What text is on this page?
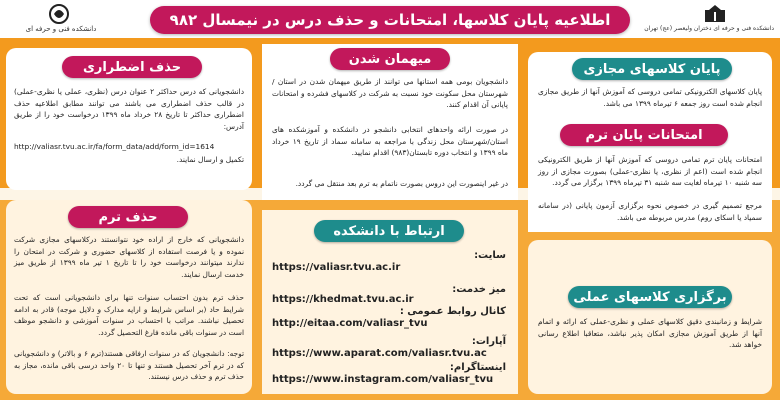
دانشکده فنی و حرفه ای	اطلاعیه پایان کلاسها، امتحانات و حذف درس در نیمسال ۹۸۲	دانشکده فنی و حرفه ای دختران ولیعصر (عج) تهران
پایان کلاسهای مجازی
پایان کلاسهای الکترونیکی تمامی دروسی که آموزش آنها از طریق مجازی انجام شده است روز جمعه ۶ تیرماه ۱۳۹۹ می باشد.
امتحانات پایان ترم
امتحانات پایان ترم تمامی دروسی که آموزش آنها از طریق الکترونیکی انجام شده است (اعم از نظری، یا نظری-عملی) بصورت مجازی از روز سه شنبه ۱۰ تیرماه لغایت سه شنبه ۳۱ تیرماه ۱۳۹۹ برگزار می گردد.
مرجع تصمیم گیری در خصوص نحوه برگزاری آزمون پایانی (در سامانه سمیاد یا اسکای روم) مدرس مربوطه می باشد.
برگزاری کلاسهای عملی
شرایط و زمانبندی دقیق کلاسهای عملی و نظری-عملی که ارائه و اتمام آنها از طریق آموزش مجازی امکان پذیر نباشد، متعاقبا اطلاع رسانی خواهد شد.
میهمان شدن
دانشجویان بومی همه استانها می توانند از طریق میهمان شدن در استان / شهرستان محل سکونت خود نسبت به شرکت در کلاسهای فشرده و امتحانات پایانی آن اقدام کنند.
در صورت ارائه واحدهای انتخابی دانشجو در دانشکده و آموزشکده های استان/شهرستان محل زندگی با مراجعه به سامانه سماد از تاریخ ۱۹ خرداد ماه ۱۳۹۹ و انتخاب دوره تابستان(۹۸۳) اقدام نمایید.
در غیر اینصورت این دروس بصورت ناتمام به ترم بعد منتقل می گردد.
ارتباط با دانشکده
سایت:
https://valiasr.tvu.ac.ir
میز خدمت:
https://khedmat.tvu.ac.ir
کانال روابط عمومی :
http://eitaa.com/valiasr_tvu
آپارات:
https://www.aparat.com/valiasr.tvu.ac
اینستاگرام:
https://www.instagram.com/valiasr_tvu
حذف اضطراری
دانشجویانی که درس حداکثر ۲ عنوان درس (نظری، عملی یا نظری-عملی) در قالب حذف اضطراری می باشند می توانند مطابق اطلاعیه حذف اضطراری حداکثر تا تاریخ ۲۸ خرداد ماه ۱۳۹۹ درخواست خود را از طریق آدرس:
http://valiasr.tvu.ac.ir/fa/form_data/add/form_id=1614
تکمیل و ارسال نمایند.
حذف ترم
دانشجویانی که خارج از اراده خود نتوانستند درکلاسهای مجازی شرکت نموده و یا فرصت استفاده از کلاسهای حضوری و شرکت در امتحان را ندارند میتوانند درخواست خود را تا تاریخ ۱ تیر ماه ۱۳۹۹ از طریق میز خدمت ارسال نمایند.
حذف ترم بدون احتساب سنوات تنها برای دانشجویانی است که تحت شرایط حاد (بر اساس شرایط و ارایه مدارک و دلایل موجه) قادر به ادامه تحصیل نباشند. مراتب با احتساب در سنوات آموزشی و دانشجو موظف است در سنوات باقی مانده فارغ التحصیل گردد.
توجه: دانشجویان که در سنوات ارفاقی هستند(ترم ۶ و بالاتر) و دانشجویانی که در ترم آخر تحصیل هستند و تنها تا ۲۰ واحد درسی باقی مانده، مجاز به حذف ترم و حذف درس نیستند.
